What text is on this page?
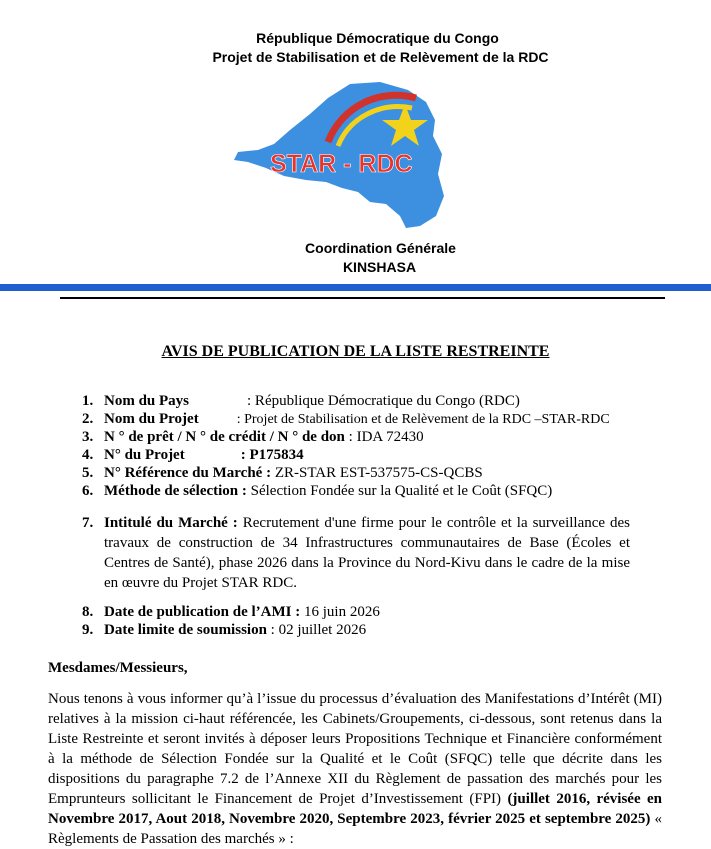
République Démocratique du Congo
Projet de Stabilisation et de Relèvement de la RDC
STAR - RDC
Coordination Générale
KINSHASA
AVIS DE PUBLICATION DE LA LISTE RESTREINTE
1. Nom du Pays	: République Démocratique du Congo (RDC)
2. Nom du Projet	: Projet de Stabilisation et de Relèvement de la RDC –STAR-RDC
3. N ° de prêt / N ° de crédit / N ° de don : IDA 72430
4. N° du Projet	: P175834
5. N° Référence du Marché : ZR-STAR EST-537575-CS-QCBS
6. Méthode de sélection : Sélection Fondée sur la Qualité et le Coût (SFQC)
7. Intitulé du Marché : Recrutement d'une firme pour le contrôle et la surveillance des travaux de construction de 34 Infrastructures communautaires de Base (Écoles et Centres de Santé), phase 2026 dans la Province du Nord-Kivu dans le cadre de la mise en œuvre du Projet STAR RDC.
8. Date de publication de l’AMI : 16 juin 2026
9. Date limite de soumission : 02 juillet 2026
Mesdames/Messieurs,
Nous tenons à vous informer qu’à l’issue du processus d’évaluation des Manifestations d’Intérêt (MI) relatives à la mission ci-haut référencée, les Cabinets/Groupements, ci-dessous, sont retenus dans la Liste Restreinte et seront invités à déposer leurs Propositions Technique et Financière conformément à la méthode de Sélection Fondée sur la Qualité et le Coût (SFQC) telle que décrite dans les dispositions du paragraphe 7.2 de l’Annexe XII du Règlement de passation des marchés pour les Emprunteurs sollicitant le Financement de Projet d’Investissement (FPI) (juillet 2016, révisée en Novembre 2017, Aout 2018, Novembre 2020, Septembre 2023, février 2025 et septembre 2025) « Règlements de Passation des marchés » :
